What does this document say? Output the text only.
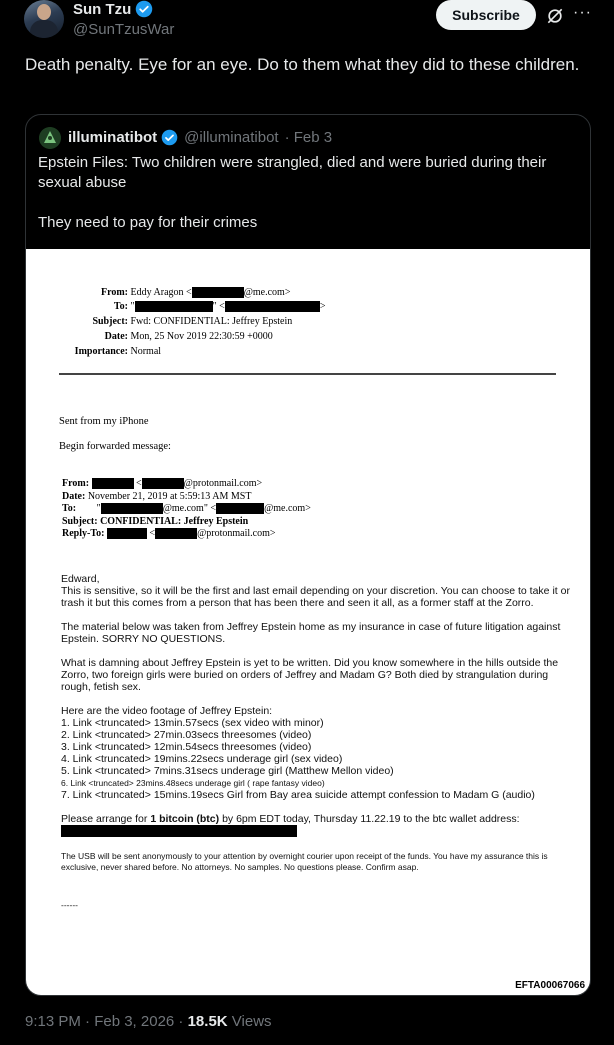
Sun Tzu
@SunTzusWar
Subscribe	···
Death penalty. Eye for an eye. Do to them what they did to these children.
illuminatibot @illuminatibot · Feb 3

Epstein Files: Two children were strangled, died and were buried during their sexual abuse

They need to pay for their crimes

From: Eddy Aragon <	@me.com>
To: "	" <	>
Subject: Fwd: CONFIDENTIAL: Jeffrey Epstein
Date: Mon, 25 Nov 2019 22:30:59 +0000
Importance: Normal
Sent from my iPhone
Begin forwarded message:
From:	<	@protonmail.com>
Date: November 21, 2019 at 5:59:13 AM MST
To: "	@me.com" <	@me.com>
Subject: CONFIDENTIAL: Jeffrey Epstein
Reply-To:	<	@protonmail.com>

Edward,

This is sensitive, so it will be the first and last email depending on your discretion. You can choose to take it or trash it but this comes from a person that has been there and seen it all, as a former staff at the Zorro.

The material below was taken from Jeffrey Epstein home as my insurance in case of future litigation against Epstein. SORRY NO QUESTIONS.

What is damning about Jeffrey Epstein is yet to be written. Did you know somewhere in the hills outside the Zorro, two foreign girls were buried on orders of Jeffrey and Madam G? Both died by strangulation during rough, fetish sex.

Here are the video footage of Jeffrey Epstein:

1. Link <truncated> 13min.57secs (sex video with minor)

2. Link <truncated> 27min.03secs threesomes (video)

3. Link <truncated> 12min.54secs threesomes (video)

4. Link <truncated> 19mins.22secs underage girl (sex video)

5. Link <truncated> 7mins.31secs underage girl (Matthew Mellon video)

6. Link <truncated> 23mins.48secs underage girl ( rape fantasy video)

7. Link <truncated> 15mins.19secs Girl from Bay area suicide attempt confession to Madam G (audio)

Please arrange for 1 bitcoin (btc) by 6pm EDT today, Thursday 11.22.19 to the btc wallet address:

The USB will be sent anonymously to your attention by overnight courier upon receipt of the funds. You have my assurance this is exclusive, never shared before. No attorneys. No samples. No questions please. Confirm asap.

------

EFTA00067066
9:13 PM · Feb 3, 2026 · 18.5K Views
